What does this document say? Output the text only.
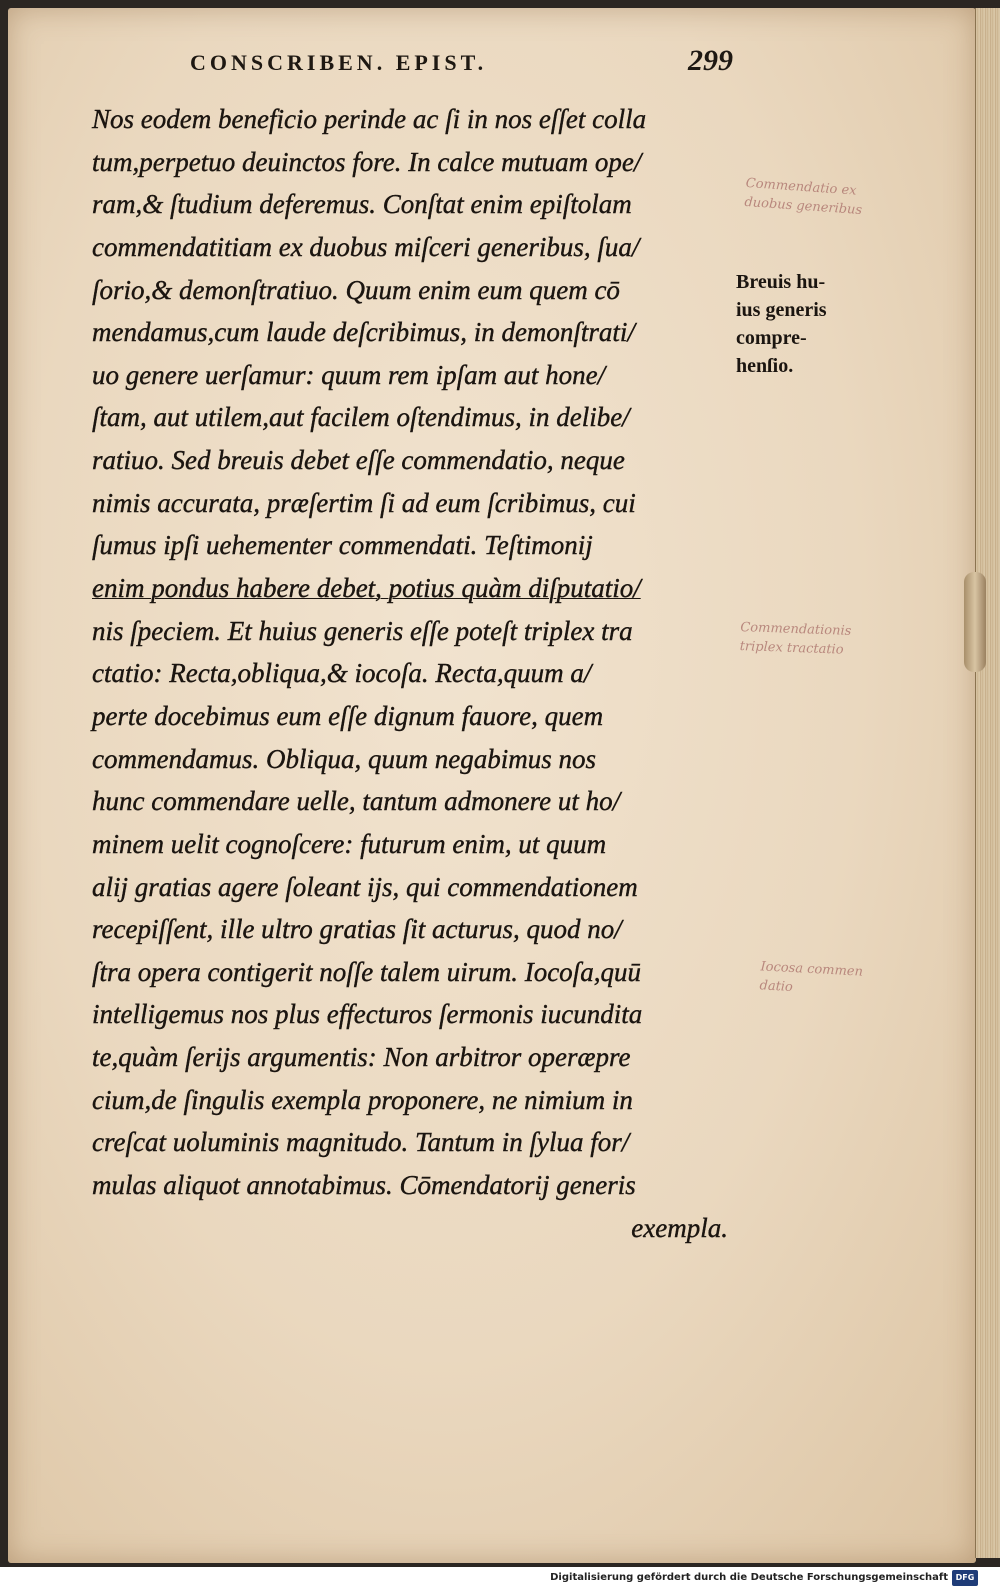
CONSCRIBEN. EPIST.	299
Nos eodem beneficio perinde ac ſi in nos eſſet colla
tum,perpetuo deuinctos fore. In calce mutuam ope/
ram,& ſtudium deferemus. Conſtat enim epiſtolam
commendatitiam ex duobus miſceri generibus, ſua/
ſorio,& demonſtratiuo. Quum enim eum quem cō
mendamus,cum laude deſcribimus, in demonſtrati/
uo genere uerſamur: quum rem ipſam aut hone/
ſtam, aut utilem,aut facilem oſtendimus, in delibe/
ratiuo. Sed breuis debet eſſe commendatio, neque
nimis accurata, præſertim ſi ad eum ſcribimus, cui
ſumus ipſi uehementer commendati. Teſtimonij
enim pondus habere debet, potius quàm diſputatio/
nis ſpeciem. Et huius generis eſſe poteſt triplex tra
ctatio: Recta,obliqua,& iocoſa. Recta,quum a/
perte docebimus eum eſſe dignum fauore, quem
commendamus. Obliqua, quum negabimus nos
hunc commendare uelle, tantum admonere ut ho/
minem uelit cognoſcere: futurum enim, ut quum
alij gratias agere ſoleant ijs, qui commendationem
recepiſſent, ille ultro gratias ſit acturus, quod no/
ſtra opera contigerit noſſe talem uirum. Iocoſa,quū
intelligemus nos plus effecturos ſermonis iucundita
te,quàm ſerijs argumentis: Non arbitror operæpre
cium,de ſingulis exempla proponere, ne nimium in
creſcat uoluminis magnitudo. Tantum in ſylua for/
mulas aliquot annotabimus. Cōmendatorij generis
exempla.
Breuis hu-
ius generis
compre-
henſio.
Commendatio ex
duobus generibus
Commendationis
triplex tractatio
Iocosa commen
datio
Digitalisierung gefördert durch die Deutsche Forschungsgemeinschaft DFG
